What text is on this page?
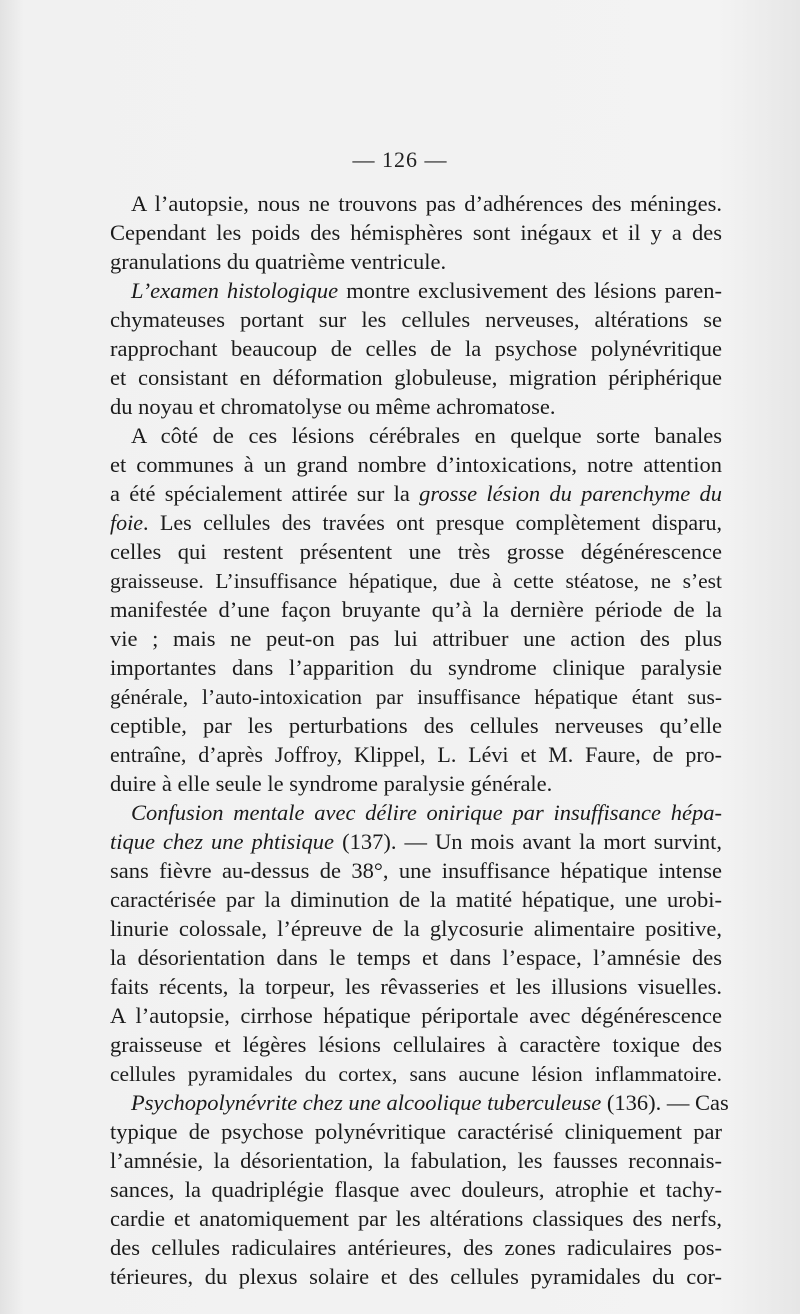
— 126 —
A l’autopsie, nous ne trouvons pas d’adhérences des méninges.
Cependant les poids des hémisphères sont inégaux et il y a des
granulations du quatrième ventricule.
L’examen histologique montre exclusivement des lésions paren-
chymateuses portant sur les cellules nerveuses, altérations se
rapprochant beaucoup de celles de la psychose polynévritique
et consistant en déformation globuleuse, migration périphérique
du noyau et chromatolyse ou même achromatose.
A côté de ces lésions cérébrales en quelque sorte banales
et communes à un grand nombre d’intoxications, notre attention
a été spécialement attirée sur la grosse lésion du parenchyme du
foie. Les cellules des travées ont presque complètement disparu,
celles qui restent présentent une très grosse dégénérescence
graisseuse. L’insuffisance hépatique, due à cette stéatose, ne s’est
manifestée d’une façon bruyante qu’à la dernière période de la
vie ; mais ne peut-on pas lui attribuer une action des plus
importantes dans l’apparition du syndrome clinique paralysie
générale, l’auto-intoxication par insuffisance hépatique étant sus-
ceptible, par les perturbations des cellules nerveuses qu’elle
entraîne, d’après Joffroy, Klippel, L. Lévi et M. Faure, de pro-
duire à elle seule le syndrome paralysie générale.
Confusion mentale avec délire onirique par insuffisance hépa-
tique chez une phtisique (137). — Un mois avant la mort survint,
sans fièvre au-dessus de 38°, une insuffisance hépatique intense
caractérisée par la diminution de la matité hépatique, une urobi-
linurie colossale, l’épreuve de la glycosurie alimentaire positive,
la désorientation dans le temps et dans l’espace, l’amnésie des
faits récents, la torpeur, les rêvasseries et les illusions visuelles.
A l’autopsie, cirrhose hépatique périportale avec dégénérescence
graisseuse et légères lésions cellulaires à caractère toxique des
cellules pyramidales du cortex, sans aucune lésion inflammatoire.
Psychopolynévrite chez une alcoolique tuberculeuse (136). — Cas
typique de psychose polynévritique caractérisé cliniquement par
l’amnésie, la désorientation, la fabulation, les fausses reconnais-
sances, la quadriplégie flasque avec douleurs, atrophie et tachy-
cardie et anatomiquement par les altérations classiques des nerfs,
des cellules radiculaires antérieures, des zones radiculaires pos-
térieures, du plexus solaire et des cellules pyramidales du cor-
